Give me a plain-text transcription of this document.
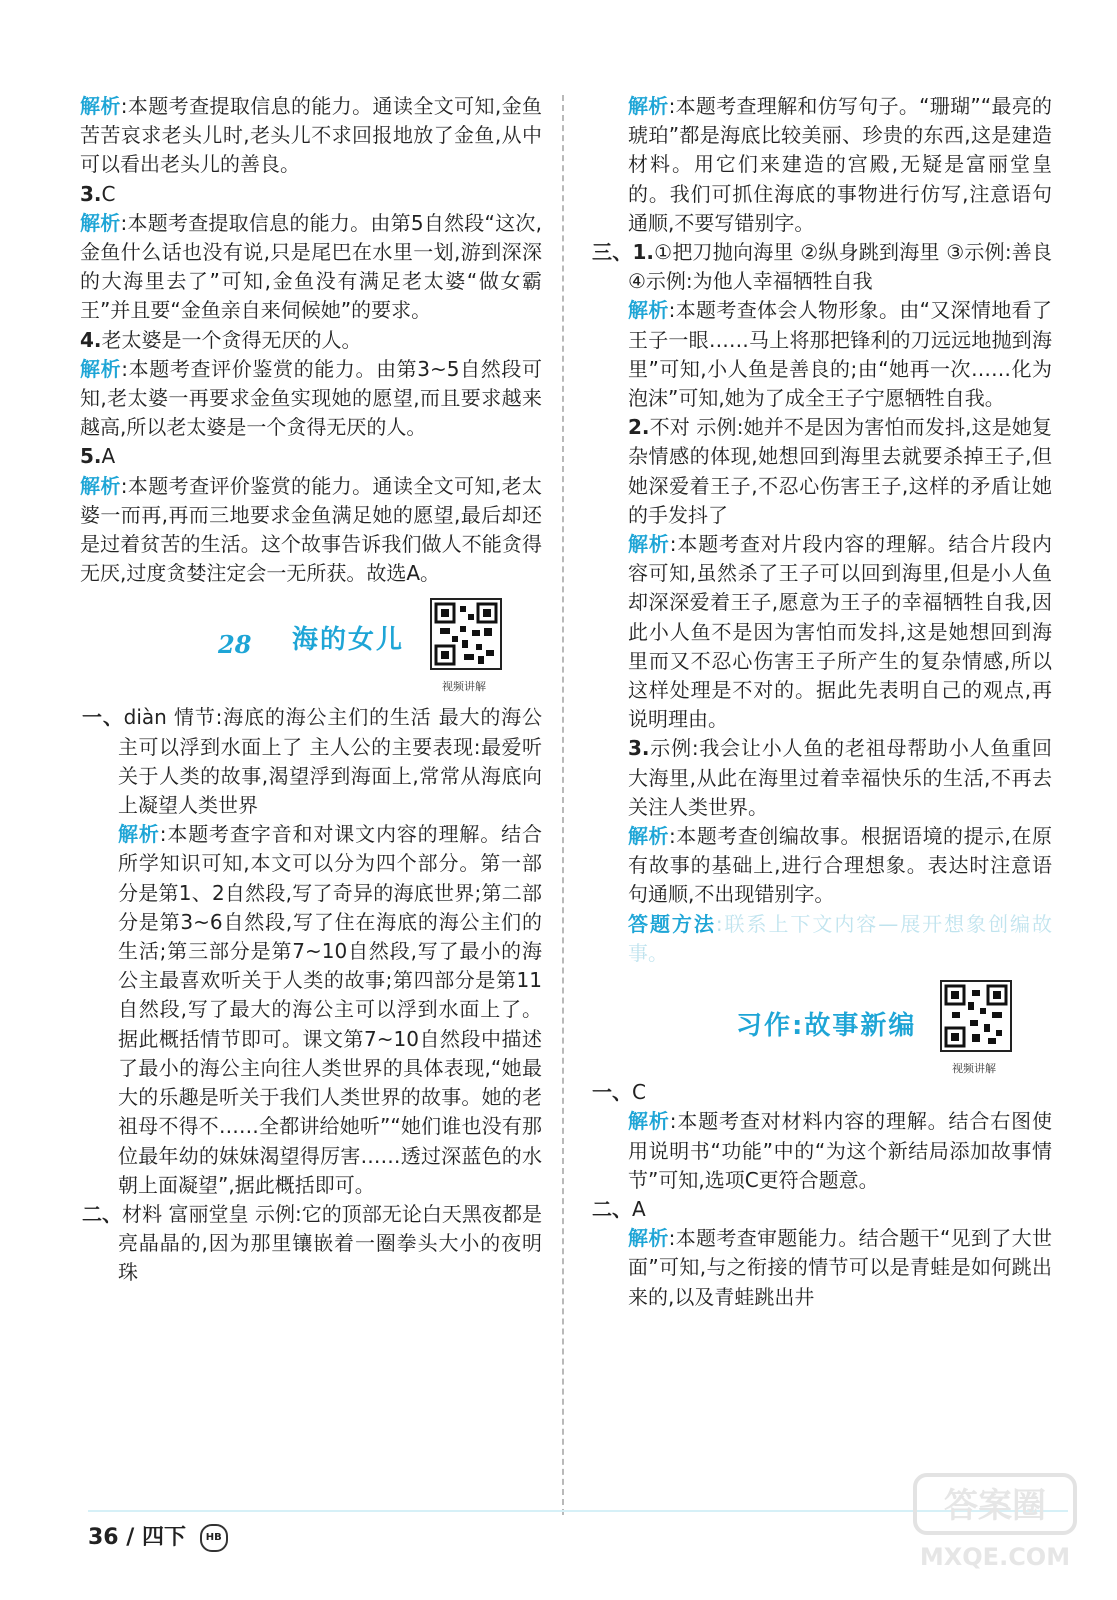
解析:本题考查提取信息的能力。通读全文可知,金鱼苦苦哀求老头儿时,老头儿不求回报地放了金鱼,从中可以看出老头儿的善良。

3.C

解析:本题考查提取信息的能力。由第5自然段“这次,金鱼什么话也没有说,只是尾巴在水里一划,游到深深的大海里去了”可知,金鱼没有满足老太婆“做女霸王”并且要“金鱼亲自来伺候她”的要求。

4.老太婆是一个贪得无厌的人。

解析:本题考查评价鉴赏的能力。由第3~5自然段可知,老太婆一再要求金鱼实现她的愿望,而且要求越来越高,所以老太婆是一个贪得无厌的人。

5.A

解析:本题考查评价鉴赏的能力。通读全文可知,老太婆一而再,再而三地要求金鱼满足她的愿望,最后却还是过着贫苦的生活。这个故事告诉我们做人不能贪得无厌,过度贪婪注定会一无所获。故选A。

28 海的女儿
视频讲解

一、diàn 情节:海底的海公主们的生活 最大的海公主可以浮到水面上了 主人公的主要表现:最爱听关于人类的故事,渴望浮到海面上,常常从海底向上凝望人类世界

解析:本题考查字音和对课文内容的理解。结合所学知识可知,本文可以分为四个部分。第一部分是第1、2自然段,写了奇异的海底世界;第二部分是第3~6自然段,写了住在海底的海公主们的生活;第三部分是第7~10自然段,写了最小的海公主最喜欢听关于人类的故事;第四部分是第11自然段,写了最大的海公主可以浮到水面上了。据此概括情节即可。课文第7~10自然段中描述了最小的海公主向往人类世界的具体表现,“她最大的乐趣是听关于我们人类世界的故事。她的老祖母不得不……全都讲给她听”“她们谁也没有那位最年幼的妹妹渴望得厉害……透过深蓝色的水朝上面凝望”,据此概括即可。

二、材料 富丽堂皇 示例:它的顶部无论白天黑夜都是亮晶晶的,因为那里镶嵌着一圈拳头大小的夜明珠

解析:本题考查理解和仿写句子。“珊瑚”“最亮的琥珀”都是海底比较美丽、珍贵的东西,这是建造材料。用它们来建造的宫殿,无疑是富丽堂皇的。我们可抓住海底的事物进行仿写,注意语句通顺,不要写错别字。

三、1.①把刀抛向海里 ②纵身跳到海里 ③示例:善良 ④示例:为他人幸福牺牲自我

解析:本题考查体会人物形象。由“又深情地看了王子一眼……马上将那把锋利的刀远远地抛到海里”可知,小人鱼是善良的;由“她再一次……化为泡沫”可知,她为了成全王子宁愿牺牲自我。

2.不对 示例:她并不是因为害怕而发抖,这是她复杂情感的体现,她想回到海里去就要杀掉王子,但她深爱着王子,不忍心伤害王子,这样的矛盾让她的手发抖了

解析:本题考查对片段内容的理解。结合片段内容可知,虽然杀了王子可以回到海里,但是小人鱼却深深爱着王子,愿意为王子的幸福牺牲自我,因此小人鱼不是因为害怕而发抖,这是她想回到海里而又不忍心伤害王子所产生的复杂情感,所以这样处理是不对的。据此先表明自己的观点,再说明理由。

3.示例:我会让小人鱼的老祖母帮助小人鱼重回大海里,从此在海里过着幸福快乐的生活,不再去关注人类世界。

解析:本题考查创编故事。根据语境的提示,在原有故事的基础上,进行合理想象。表达时注意语句通顺,不出现错别字。

答题方法:联系上下文内容—展开想象创编故事。

习作:故事新编
视频讲解

一、C

解析:本题考查对材料内容的理解。结合右图使用说明书“功能”中的“为这个新结局添加故事情节”可知,选项C更符合题意。

二、A

解析:本题考查审题能力。结合题干“见到了大世面”可知,与之衔接的情节可以是青蛙是如何跳出来的,以及青蛙跳出井

36 / 四下 HB
答案圈
MXQE.COM
